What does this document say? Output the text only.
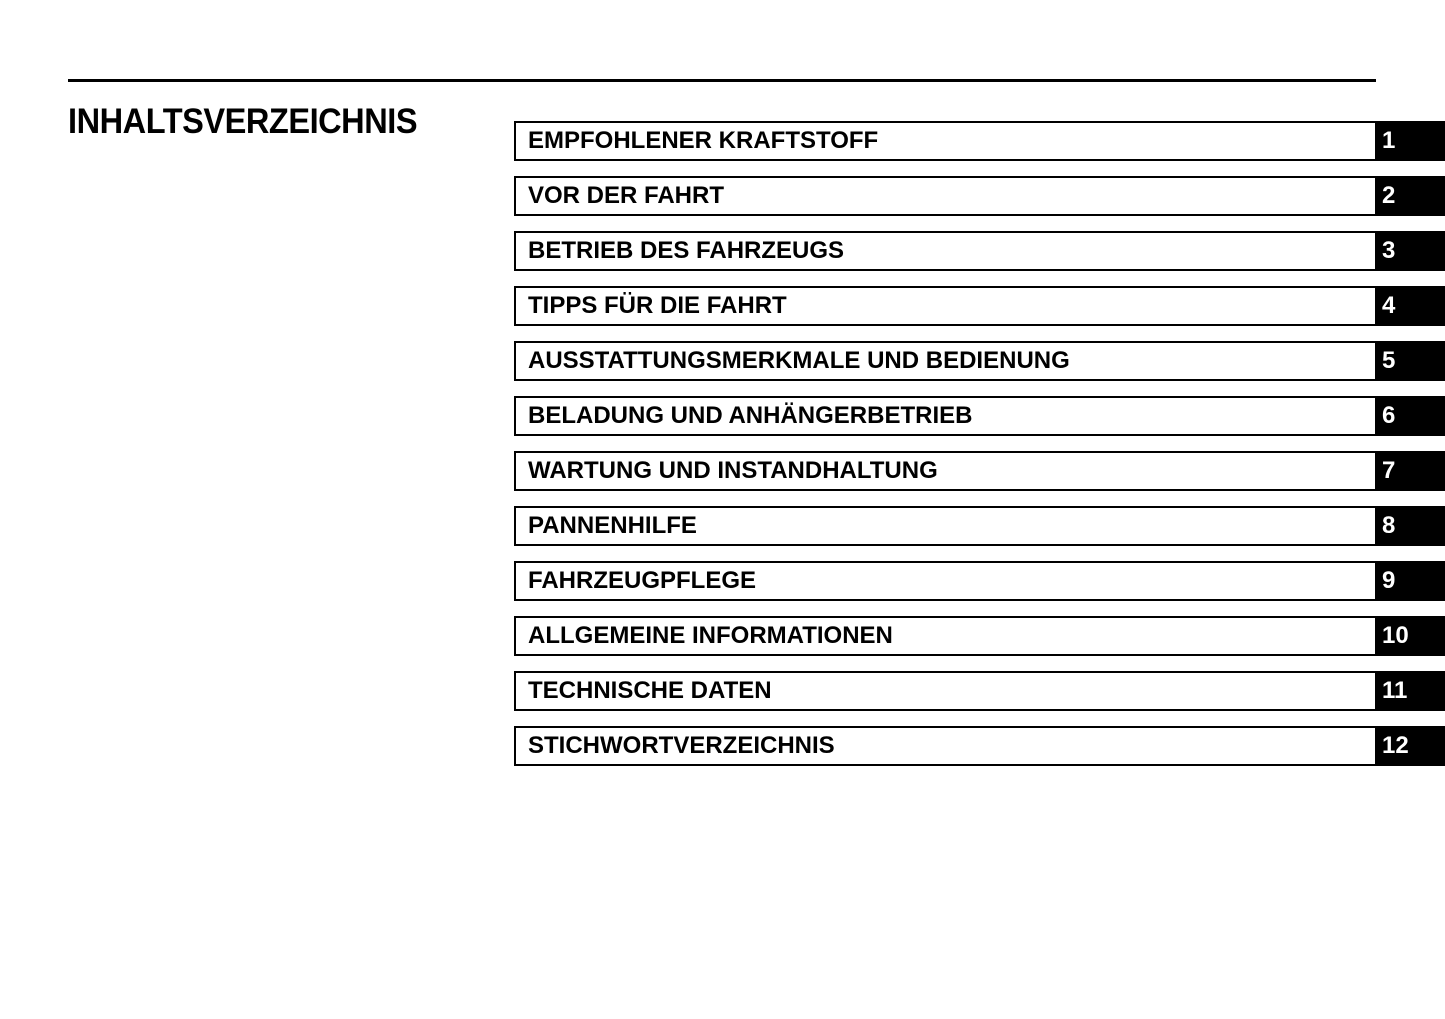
INHALTSVERZEICHNIS	EMPFOHLENER KRAFTSTOFF	1
VOR DER FAHRT	2
BETRIEB DES FAHRZEUGS	3
TIPPS FÜR DIE FAHRT	4
AUSSTATTUNGSMERKMALE UND BEDIENUNG	5
BELADUNG UND ANHÄNGERBETRIEB	6
WARTUNG UND INSTANDHALTUNG	7
PANNENHILFE	8
FAHRZEUGPFLEGE	9
ALLGEMEINE INFORMATIONEN	10
TECHNISCHE DATEN	11
STICHWORTVERZEICHNIS	12
